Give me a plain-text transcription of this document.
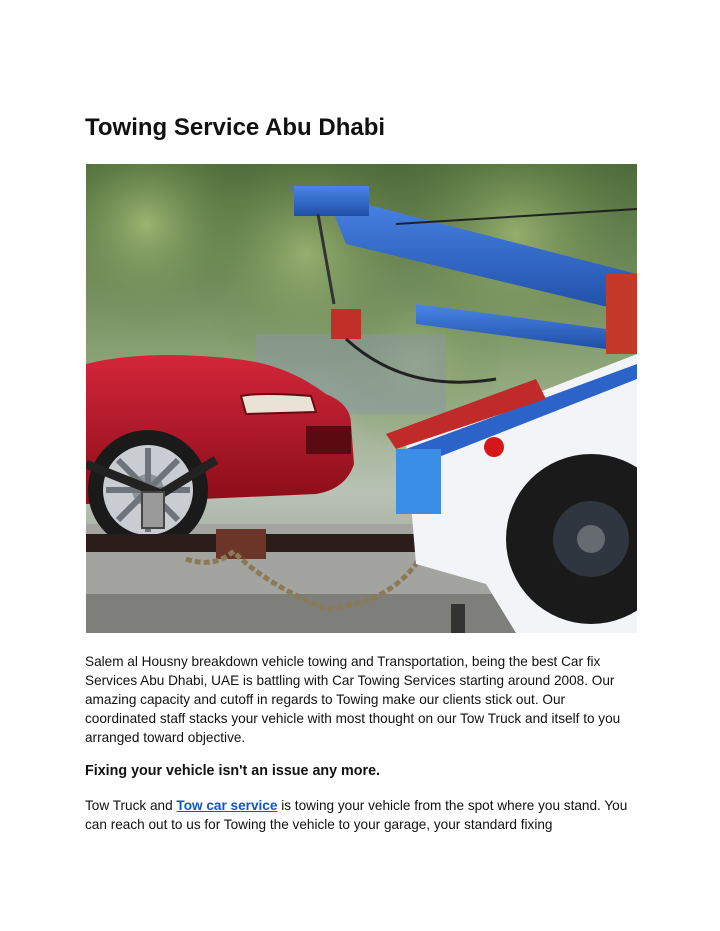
Towing Service Abu Dhabi

Salem al Housny breakdown vehicle towing and Transportation, being the best Car fix Services Abu Dhabi, UAE is battling with Car Towing Services starting around 2008. Our amazing capacity and cutoff in regards to Towing make our clients stick out. Our coordinated staff stacks your vehicle with most thought on our Tow Truck and itself to you arranged toward objective.

Fixing your vehicle isn't an issue any more.

Tow Truck and Tow car service is towing your vehicle from the spot where you stand. You can reach out to us for Towing the vehicle to your garage, your standard fixing
